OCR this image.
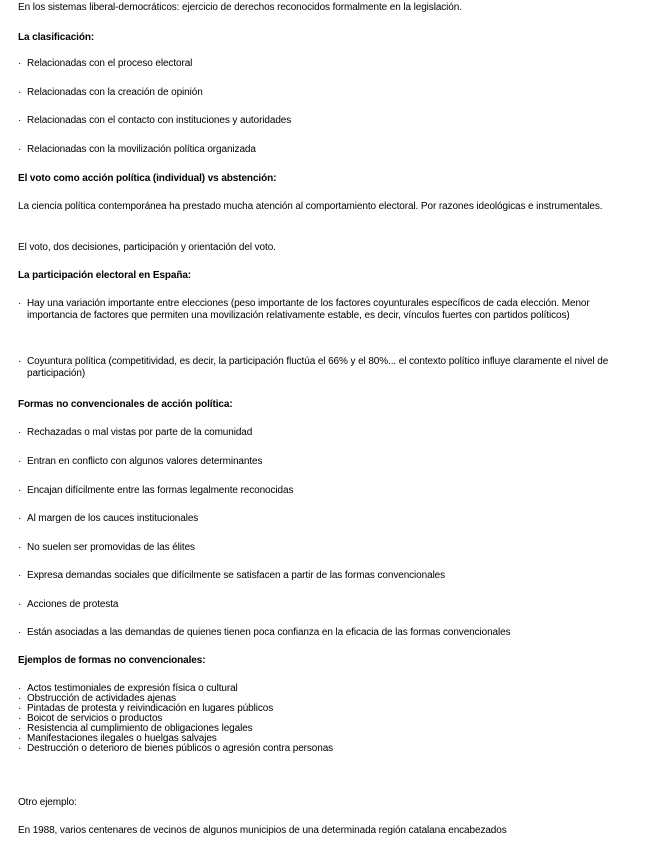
En los sistemas liberal-democráticos: ejercicio de derechos reconocidos formalmente en la legislación.

La clasificación:

· Relacionadas con el proceso electoral

· Relacionadas con la creación de opinión

· Relacionadas con el contacto con instituciones y autoridades

· Relacionadas con la movilización política organizada

El voto como acción política (individual) vs abstención:

La ciencia política contemporánea ha prestado mucha atención al comportamiento electoral. Por razones ideológicas e instrumentales.

El voto, dos decisiones, participación y orientación del voto.

La participación electoral en España:

· Hay una variación importante entre elecciones (peso importante de los factores coyunturales específicos de cada elección. Menor importancia de factores que permiten una movilización relativamente estable, es decir, vínculos fuertes con partidos políticos)

· Coyuntura política (competitividad, es decir, la participación fluctúa el 66% y el 80%... el contexto político influye claramente el nivel de participación)

Formas no convencionales de acción política:

· Rechazadas o mal vistas por parte de la comunidad

· Entran en conflicto con algunos valores determinantes

· Encajan difícilmente entre las formas legalmente reconocidas

· Al margen de los cauces institucionales

· No suelen ser promovidas de las élites

· Expresa demandas sociales que difícilmente se satisfacen a partir de las formas convencionales

· Acciones de protesta

· Están asociadas a las demandas de quienes tienen poca confianza en la eficacia de las formas convencionales

Ejemplos de formas no convencionales:

· Actos testimoniales de expresión física o cultural
· Obstrucción de actividades ajenas
· Pintadas de protesta y reivindicación en lugares públicos
· Boicot de servicios o productos
· Resistencia al cumplimiento de obligaciones legales
· Manifestaciones ilegales o huelgas salvajes
· Destrucción o deterioro de bienes públicos o agresión contra personas

Otro ejemplo:

En 1988, varios centenares de vecinos de algunos municipios de una determinada región catalana encabezados
